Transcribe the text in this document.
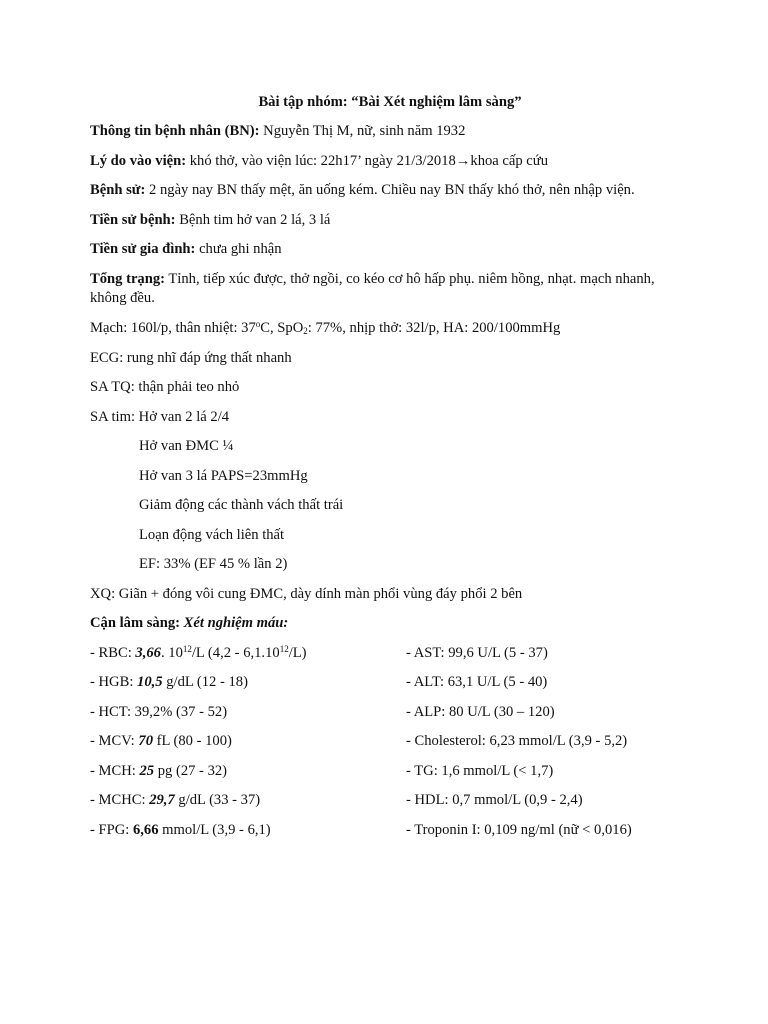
Bài tập nhóm: “Bài Xét nghiệm lâm sàng”
Thông tin bệnh nhân (BN): Nguyễn Thị M, nữ, sinh năm 1932
Lý do vào viện: khó thở, vào viện lúc: 22h17’ ngày 21/3/2018→khoa cấp cứu
Bệnh sử: 2 ngày nay BN thấy mệt, ăn uống kém. Chiều nay BN thấy khó thở, nên nhập viện.
Tiền sử bệnh: Bệnh tim hở van 2 lá, 3 lá
Tiền sử gia đình: chưa ghi nhận
Tổng trạng: Tỉnh, tiếp xúc được, thở ngồi, co kéo cơ hô hấp phụ. niêm hồng, nhạt. mạch nhanh, không đều.
Mạch: 160l/p, thân nhiệt: 37$^o$C, SpO$_2$: 77%, nhịp thở: 32l/p, HA: 200/100mmHg
ECG: rung nhĩ đáp ứng thất nhanh
SA TQ: thận phải teo nhỏ
SA tim: Hở van 2 lá 2/4
Hở van ĐMC ¼
Hở van 3 lá PAPS=23mmHg
Giảm động các thành vách thất trái
Loạn động vách liên thất
EF: 33% (EF 45 % lần 2)
XQ: Giãn + đóng vôi cung ĐMC, dày dính màn phổi vùng đáy phổi 2 bên
Cận lâm sàng: Xét nghiệm máu:
- RBC: 3,66. $10^{12}/L$ (4,2 - 6,1.10$^{12}$/L)	- AST: 99,6 U/L (5 - 37)
- HGB: 10,5 g/dL (12 - 18)	- ALT: 63,1 U/L (5 - 40)
- HCT: 39,2% (37 - 52)	- ALP: 80 U/L (30 – 120)
- MCV: 70 fL (80 - 100)	- Cholesterol: 6,23 mmol/L (3,9 - 5,2)
- MCH: 25 pg (27 - 32)	- TG: 1,6 mmol/L (< 1,7)
- MCHC: 29,7 g/dL (33 - 37)	- HDL: 0,7 mmol/L (0,9 - 2,4)
- FPG: 6,66 mmol/L (3,9 - 6,1)	- Troponin I: 0,109 ng/ml (nữ < 0,016)
